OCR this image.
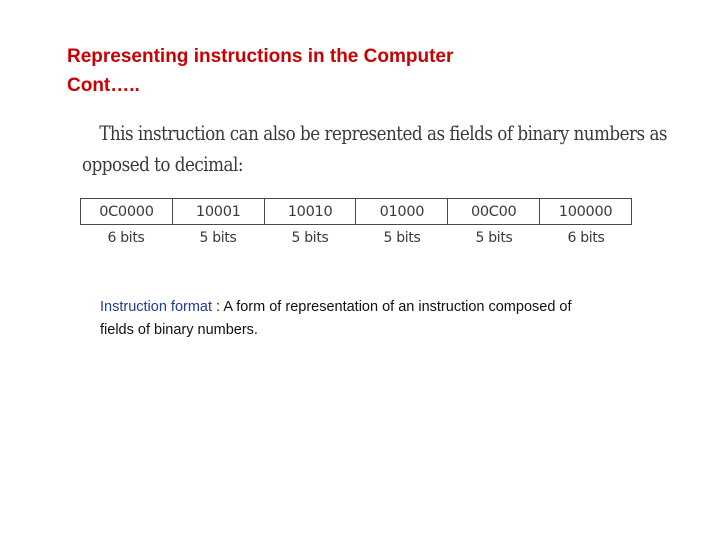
Representing instructions in the Computer
Cont…..
This instruction can also be represented as fields of binary numbers as
opposed to decimal:
0C0000	10001	10010	01000	00C00	100000
6 bits	5 bits	5 bits	5 bits	5 bits	6 bits
Instruction format : A form of representation of an instruction composed of fields of binary numbers.
